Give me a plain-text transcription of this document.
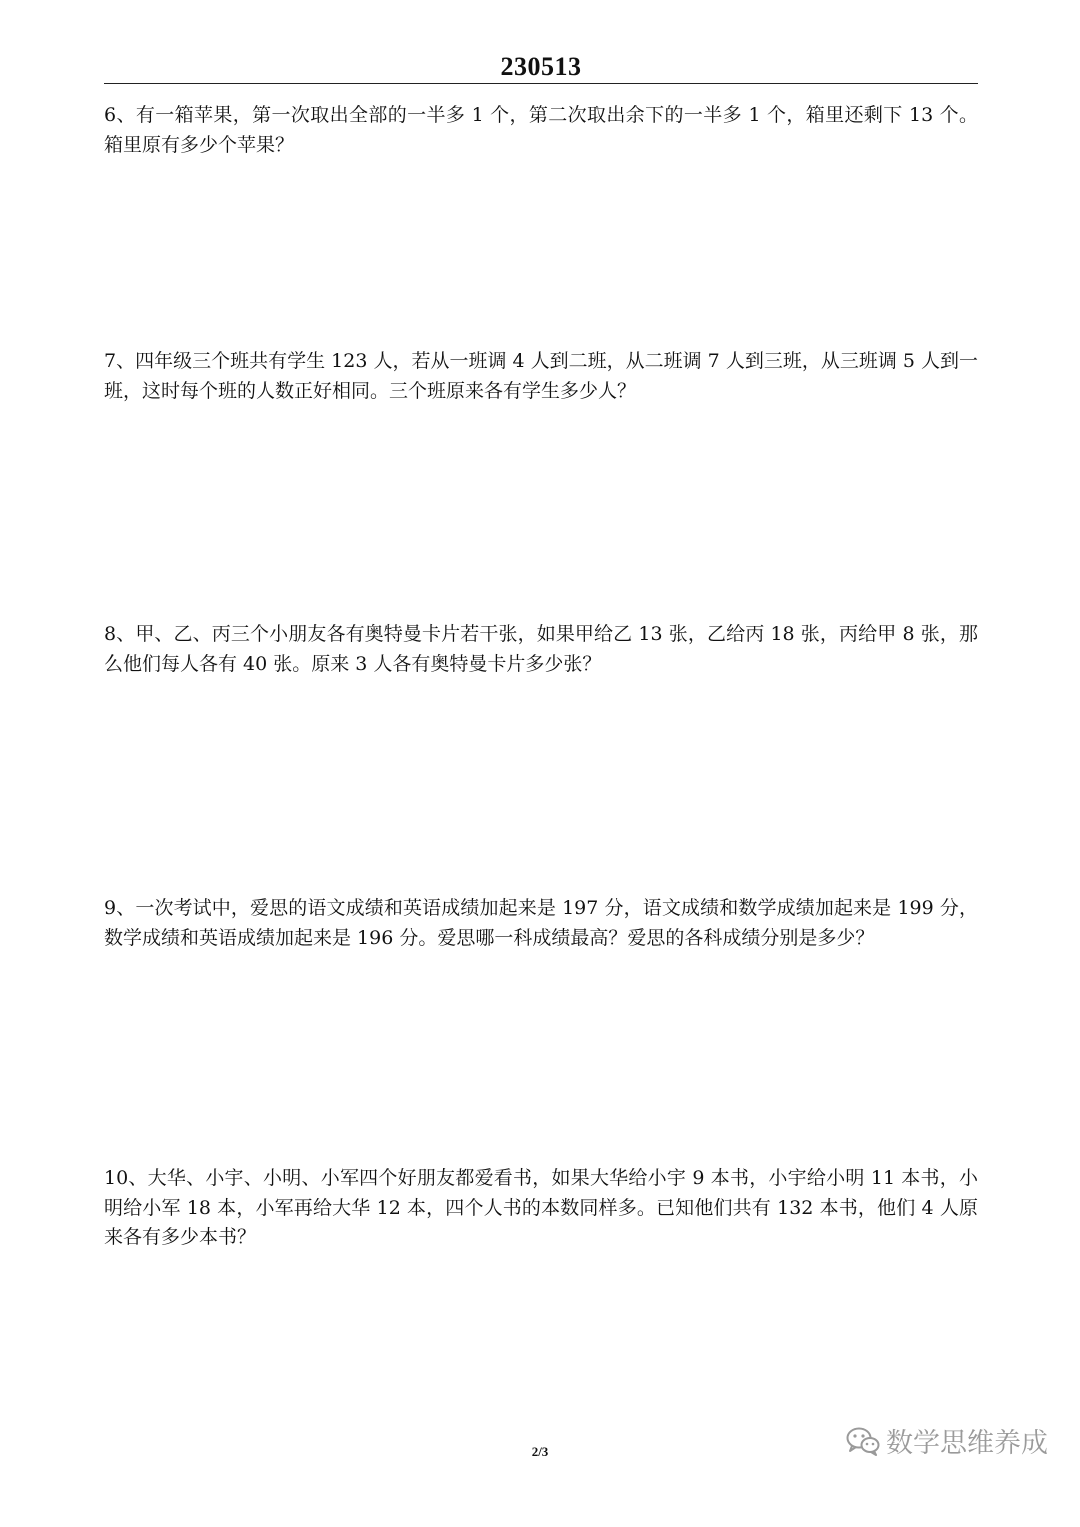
230513
6、有一箱苹果，第一次取出全部的一半多 1 个，第二次取出余下的一半多 1 个，箱里还剩下 13 个。箱里原有多少个苹果？
7、四年级三个班共有学生 123 人，若从一班调 4 人到二班，从二班调 7 人到三班，从三班调 5 人到一班，这时每个班的人数正好相同。三个班原来各有学生多少人？
8、甲、乙、丙三个小朋友各有奥特曼卡片若干张，如果甲给乙 13 张，乙给丙 18 张，丙给甲 8 张，那么他们每人各有 40 张。原来 3 人各有奥特曼卡片多少张？
9、一次考试中，爱思的语文成绩和英语成绩加起来是 197 分，语文成绩和数学成绩加起来是 199 分，数学成绩和英语成绩加起来是 196 分。爱思哪一科成绩最高？爱思的各科成绩分别是多少？
10、大华、小宇、小明、小军四个好朋友都爱看书，如果大华给小宇 9 本书，小宇给小明 11 本书，小明给小军 18 本，小军再给大华 12 本，四个人书的本数同样多。已知他们共有 132 本书，他们 4 人原来各有多少本书？
2/3	数学思维养成
